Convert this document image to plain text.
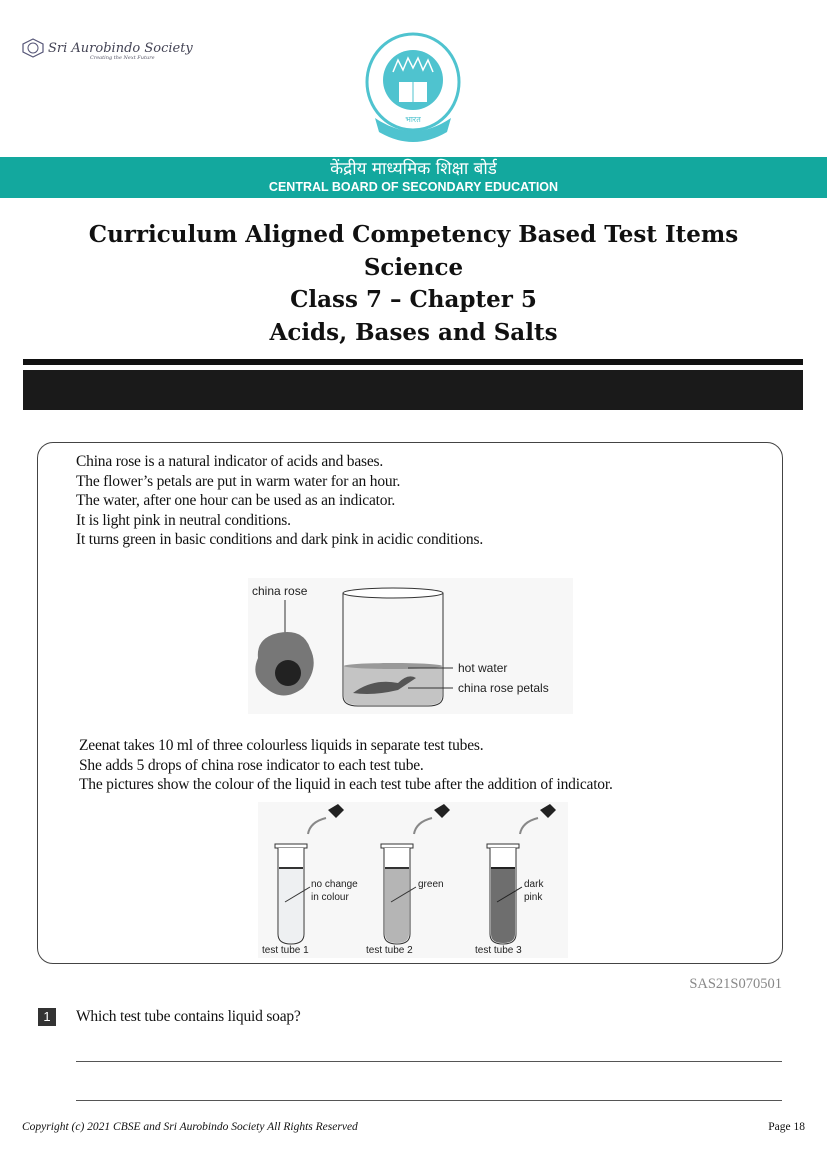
Sri Aurobindo Society
Creating the Next Future
भारत
केंद्रीय माध्यमिक शिक्षा बोर्ड
CENTRAL BOARD OF SECONDARY EDUCATION
Curriculum Aligned Competency Based Test Items
Science
Class 7 – Chapter 5
Acids, Bases and Salts
China rose is a natural indicator of acids and bases.
The flower’s petals are put in warm water for an hour.
The water, after one hour can be used as an indicator.
It is light pink in neutral conditions.
It turns green in basic conditions and dark pink in acidic conditions.
china rose
hot water
china rose petals
Zeenat takes 10 ml of three colourless liquids in separate test tubes.
She adds 5 drops of china rose indicator to each test tube.
The pictures show the colour of the liquid in each test tube after the addition of indicator.
no change
in colour
test tube 1
green
test tube 2
dark
pink
test tube 3
SAS21S070501
1	Which test tube contains liquid soap?
Copyright (c) 2021 CBSE and Sri Aurobindo Society All Rights Reserved	Page 18
